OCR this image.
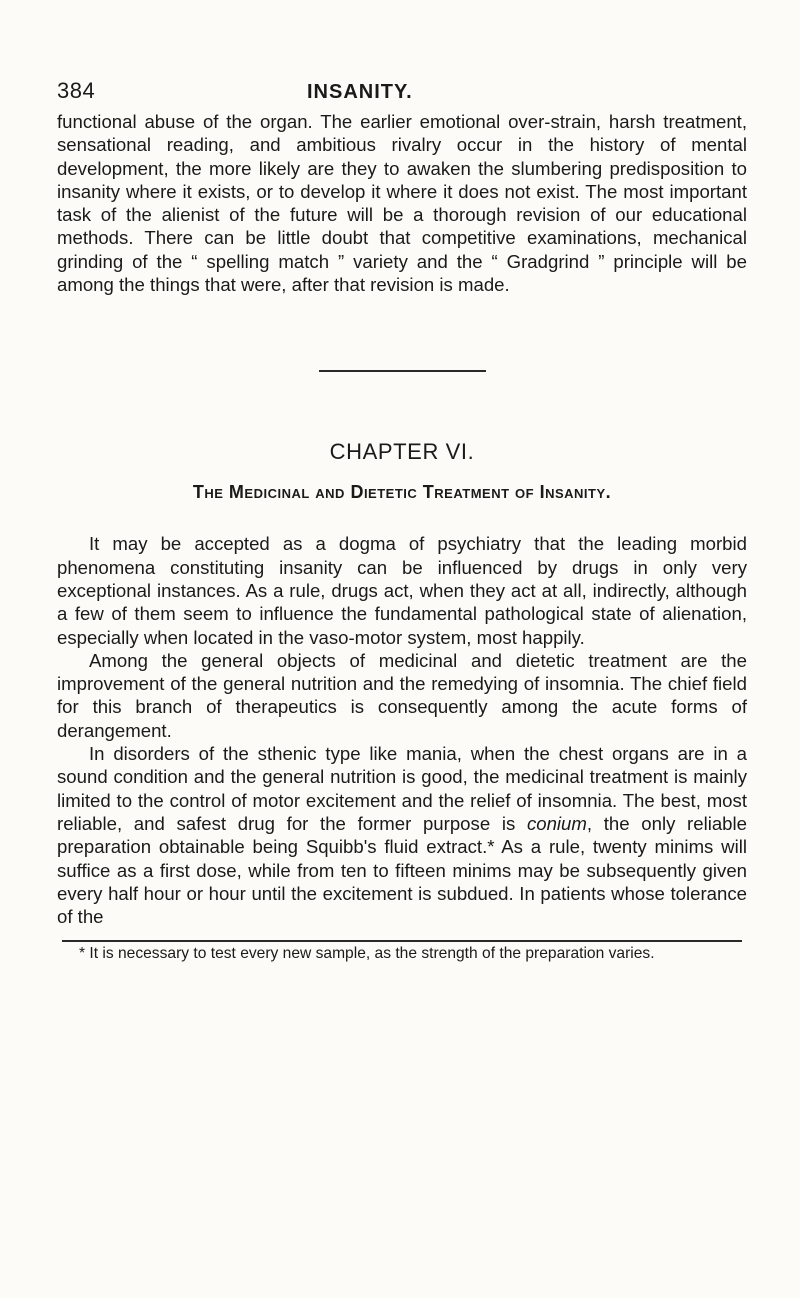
384	INSANITY.

functional abuse of the organ. The earlier emotional over-strain, harsh treatment, sensational reading, and ambitious rivalry occur in the history of mental development, the more likely are they to awaken the slumbering predisposition to insanity where it exists, or to develop it where it does not exist. The most important task of the alienist of the future will be a thorough revision of our educational methods. There can be little doubt that competitive examinations, mechanical grinding of the “ spelling match ” variety and the “ Gradgrind ” principle will be among the things that were, after that revision is made.

CHAPTER VI.
The Medicinal and Dietetic Treatment of Insanity.

It may be accepted as a dogma of psychiatry that the leading morbid phenomena constituting insanity can be influenced by drugs in only very exceptional instances. As a rule, drugs act, when they act at all, indirectly, although a few of them seem to influence the fundamental pathological state of alienation, especially when located in the vaso-motor system, most happily.

Among the general objects of medicinal and dietetic treatment are the improvement of the general nutrition and the remedying of insomnia. The chief field for this branch of therapeutics is consequently among the acute forms of derangement.

In disorders of the sthenic type like mania, when the chest organs are in a sound condition and the general nutrition is good, the medicinal treatment is mainly limited to the control of motor excitement and the relief of insomnia. The best, most reliable, and safest drug for the former purpose is conium, the only reliable preparation obtainable being Squibb's fluid extract.* As a rule, twenty minims will suffice as a first dose, while from ten to fifteen minims may be subsequently given every half hour or hour until the excitement is subdued. In patients whose tolerance of the

* It is necessary to test every new sample, as the strength of the preparation varies.
